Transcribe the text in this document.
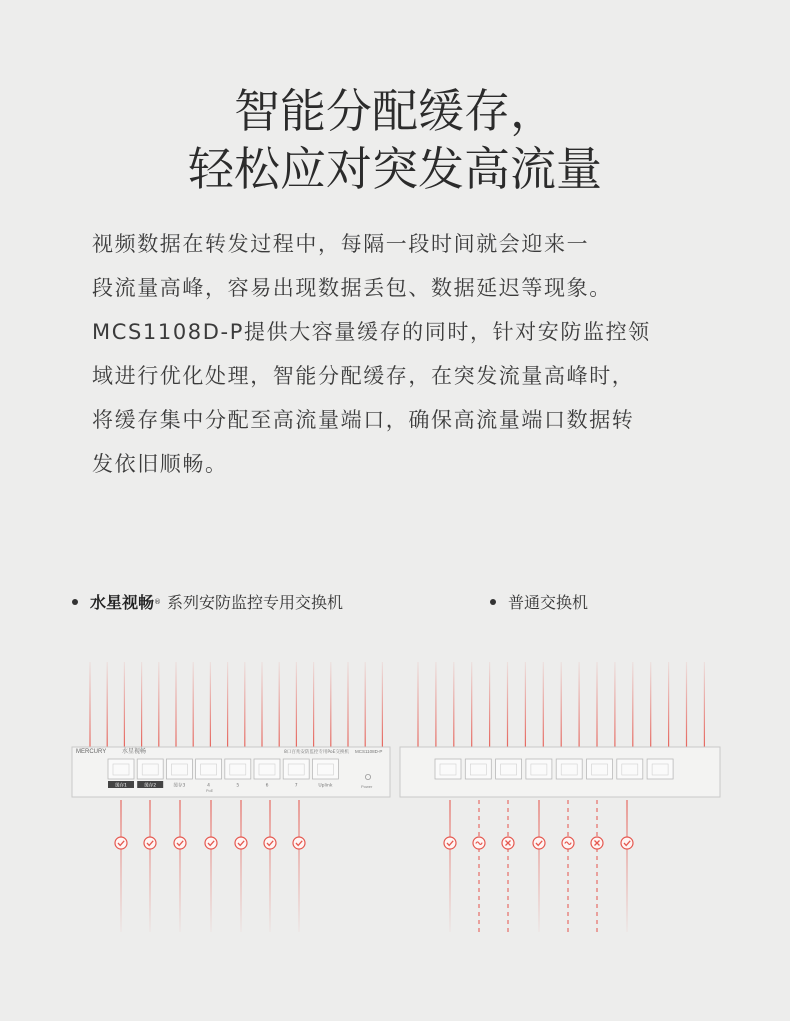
智能分配缓存，
轻松应对突发高流量
视频数据在转发过程中，每隔一段时间就会迎来一
段流量高峰，容易出现数据丢包、数据延迟等现象。
MCS1108D-P提供大容量缓存的同时，针对安防监控领
域进行优化处理，智能分配缓存，在突发流量高峰时，
将缓存集中分配至高流量端口，确保高流量端口数据转
发依旧顺畅。
水星视畅 ® 系列安防监控专用交换机	普通交换机
MERCURY	水星视畅	8口百兆安防监控专用PoE交换机 MCS1108D-P
缓存1	缓存2	缓存3	4	5	6	7	Uplink
PoE
Power
